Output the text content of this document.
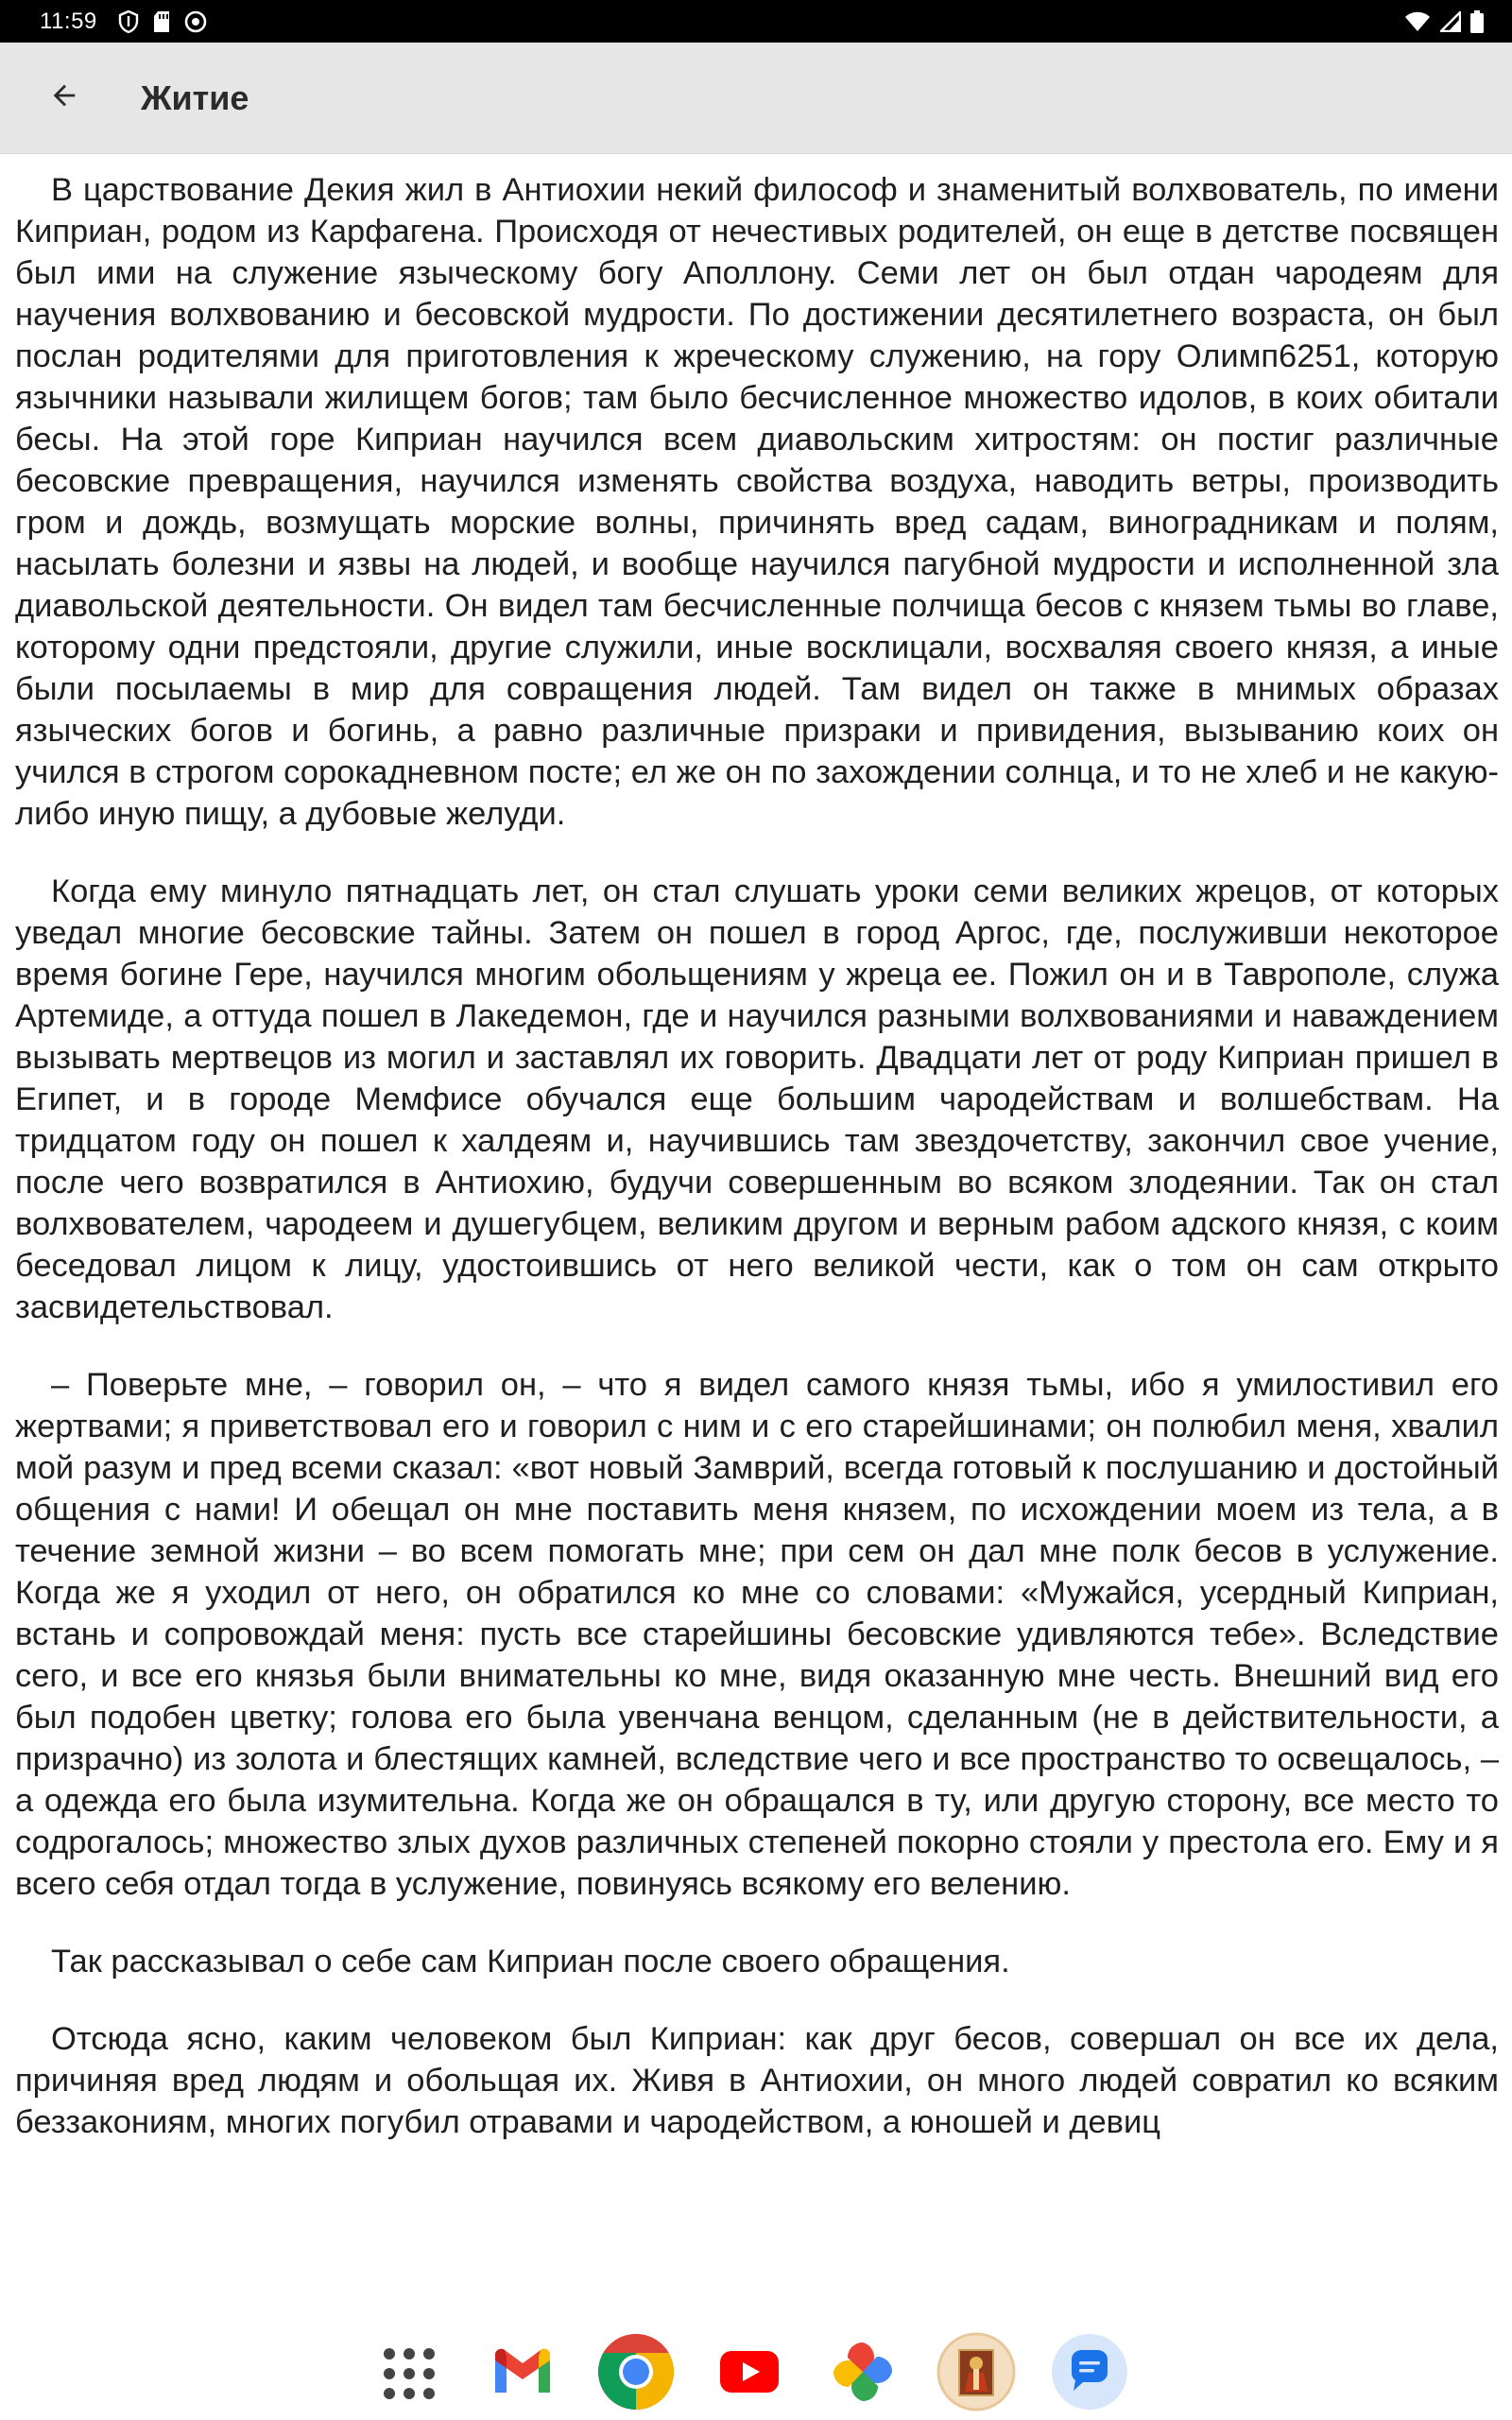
11:59
Житие

В царствование Декия жил в Антиохии некий философ и знаменитый волхвователь, по имени Киприан, родом из Карфагена. Происходя от нечестивых родителей, он еще в детстве посвящен был ими на служение языческому богу Аполлону. Семи лет он был отдан чародеям для научения волхвованию и бесовской мудрости. По достижении десятилетнего возраста, он был послан родителями для приготовления к жреческому служению, на гору Олимп6251, которую язычники называли жилищем богов; там было бесчисленное множество идолов, в коих обитали бесы. На этой горе Киприан научился всем диавольским хитростям: он постиг различные бесовские превращения, научился изменять свойства воздуха, наводить ветры, производить гром и дождь, возмущать морские волны, причинять вред садам, виноградникам и полям, насылать болезни и язвы на людей, и вообще научился пагубной мудрости и исполненной зла диавольской деятельности. Он видел там бесчисленные полчища бесов с князем тьмы во главе, которому одни предстояли, другие служили, иные восклицали, восхваляя своего князя, а иные были посылаемы в мир для совращения людей. Там видел он также в мнимых образах языческих богов и богинь, а равно различные призраки и привидения, вызыванию коих он учился в строгом сорокадневном посте; ел же он по захождении солнца, и то не хлеб и не какую-либо иную пищу, а дубовые желуди.

Когда ему минуло пятнадцать лет, он стал слушать уроки семи великих жрецов, от которых уведал многие бесовские тайны. Затем он пошел в город Аргос, где, послуживши некоторое время богине Гере, научился многим обольщениям у жреца ее. Пожил он и в Тавропoле, служа Артемиде, а оттуда пошел в Лакедемон, где и научился разными волхвованиями и наваждением вызывать мертвецов из могил и заставлял их говорить. Двадцати лет от роду Киприан пришел в Египет, и в городе Мемфисе обучался еще большим чародействам и волшебствам. На тридцатом году он пошел к халдеям и, научившись там звездочетству, закончил свое учение, после чего возвратился в Антиохию, будучи совершенным во всяком злодеянии. Так он стал волхвователем, чародеем и душегубцем, великим другом и верным рабом адского князя, с коим беседовал лицом к лицу, удостоившись от него великой чести, как о том он сам открыто засвидетельствовал.

– Поверьте мне, – говорил он, – что я видел самого князя тьмы, ибо я умилостивил его жертвами; я приветствовал его и говорил с ним и с его старейшинами; он полюбил меня, хвалил мой разум и пред всеми сказал: «вот новый Замврий, всегда готовый к послушанию и достойный общения с нами! И обещал он мне поставить меня князем, по исхождении моем из тела, а в течение земной жизни – во всем помогать мне; при сем он дал мне полк бесов в услужение. Когда же я уходил от него, он обратился ко мне со словами: «Мужайся, усердный Киприан, встань и сопровождай меня: пусть все старейшины бесовские удивляются тебе». Вследствие сего, и все его князья были внимательны ко мне, видя оказанную мне честь. Внешний вид его был подобен цветку; голова его была увенчана венцом, сделанным (не в действительности, а призрачно) из золота и блестящих камней, вследствие чего и все пространство то освещалось, – а одежда его была изумительна. Когда же он обращался в ту, или другую сторону, все место то содрогалось; множество злых духов различных степеней покорно стояли у престола его. Ему и я всего себя отдал тогда в услужение, повинуясь всякому его велению.

Так рассказывал о себе сам Киприан после своего обращения.

Отсюда ясно, каким человеком был Киприан: как друг бесов, совершал он все их дела, причиняя вред людям и обольщая их. Живя в Антиохии, он много людей совратил ко всяким беззакониям, многих погубил отравами и чародейством, а юношей и девиц
